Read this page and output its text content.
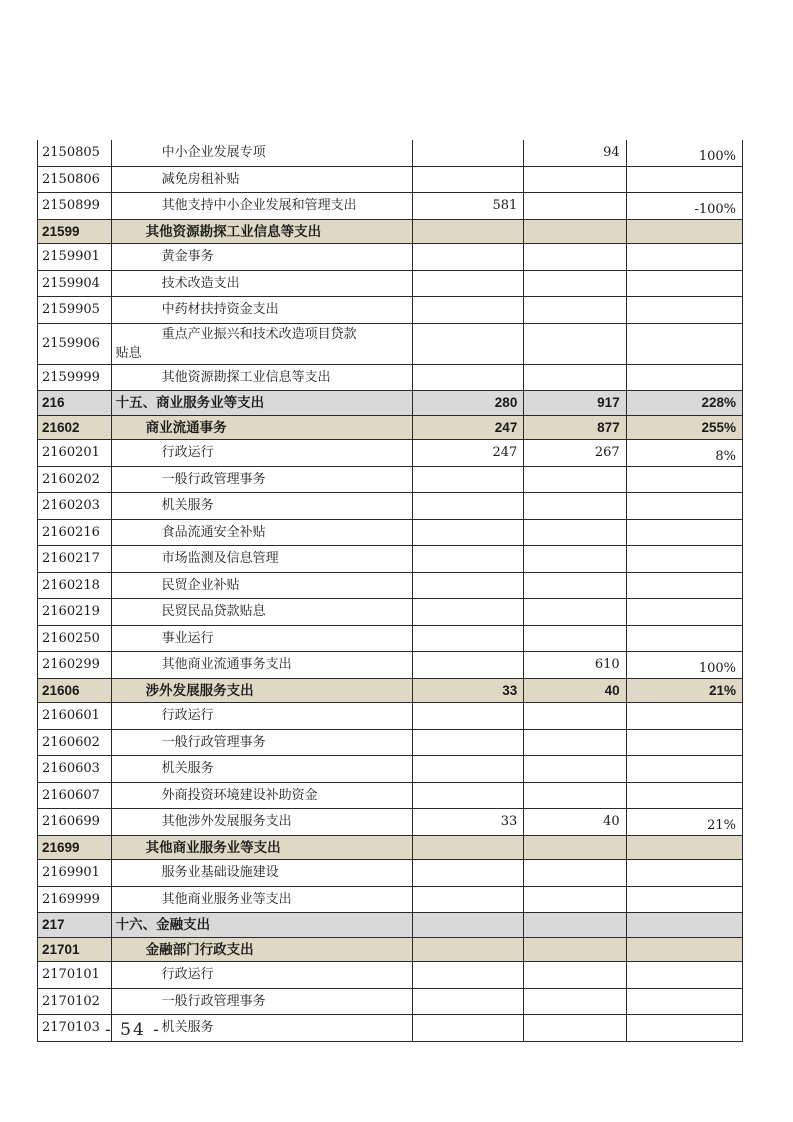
2150805	中小企业发展专项		94	100%
2150806	减免房租补贴			
2150899	其他支持中小企业发展和管理支出	581		-100%
21599	其他资源勘探工业信息等支出			
2159901	黄金事务			
2159904	技术改造支出			
2159905	中药材扶持资金支出			
2159906	重点产业振兴和技术改造项目贷款
贴息			
2159999	其他资源勘探工业信息等支出			
216	十五、商业服务业等支出	280	917	228%
21602	商业流通事务	247	877	255%
2160201	行政运行	247	267	8%
2160202	一般行政管理事务			
2160203	机关服务			
2160216	食品流通安全补贴			
2160217	市场监测及信息管理			
2160218	民贸企业补贴			
2160219	民贸民品贷款贴息			
2160250	事业运行			
2160299	其他商业流通事务支出		610	100%
21606	涉外发展服务支出	33	40	21%
2160601	行政运行			
2160602	一般行政管理事务			
2160603	机关服务			
2160607	外商投资环境建设补助资金			
2160699	其他涉外发展服务支出	33	40	21%
21699	其他商业服务业等支出			
2169901	服务业基础设施建设			
2169999	其他商业服务业等支出			
217	十六、金融支出			
21701	金融部门行政支出			
2170101	行政运行			
2170102	一般行政管理事务			
2170103	机关服务			
- 54 -
